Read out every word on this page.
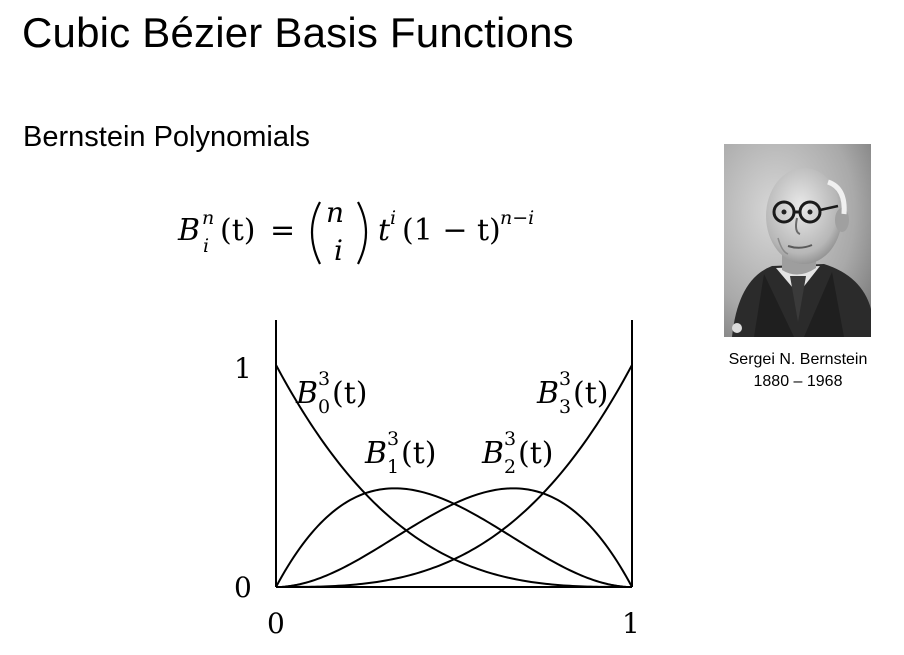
Cubic Bézier Basis Functions
Bernstein Polynomials
B n
i (t) =
n
i
t i (1 − t) n−i
1
0
0	1
B 3
0 (t)
B 3
1 (t) B 3
2 (t)
B 3
3 (t)
Sergei N. Bernstein
1880 – 1968
